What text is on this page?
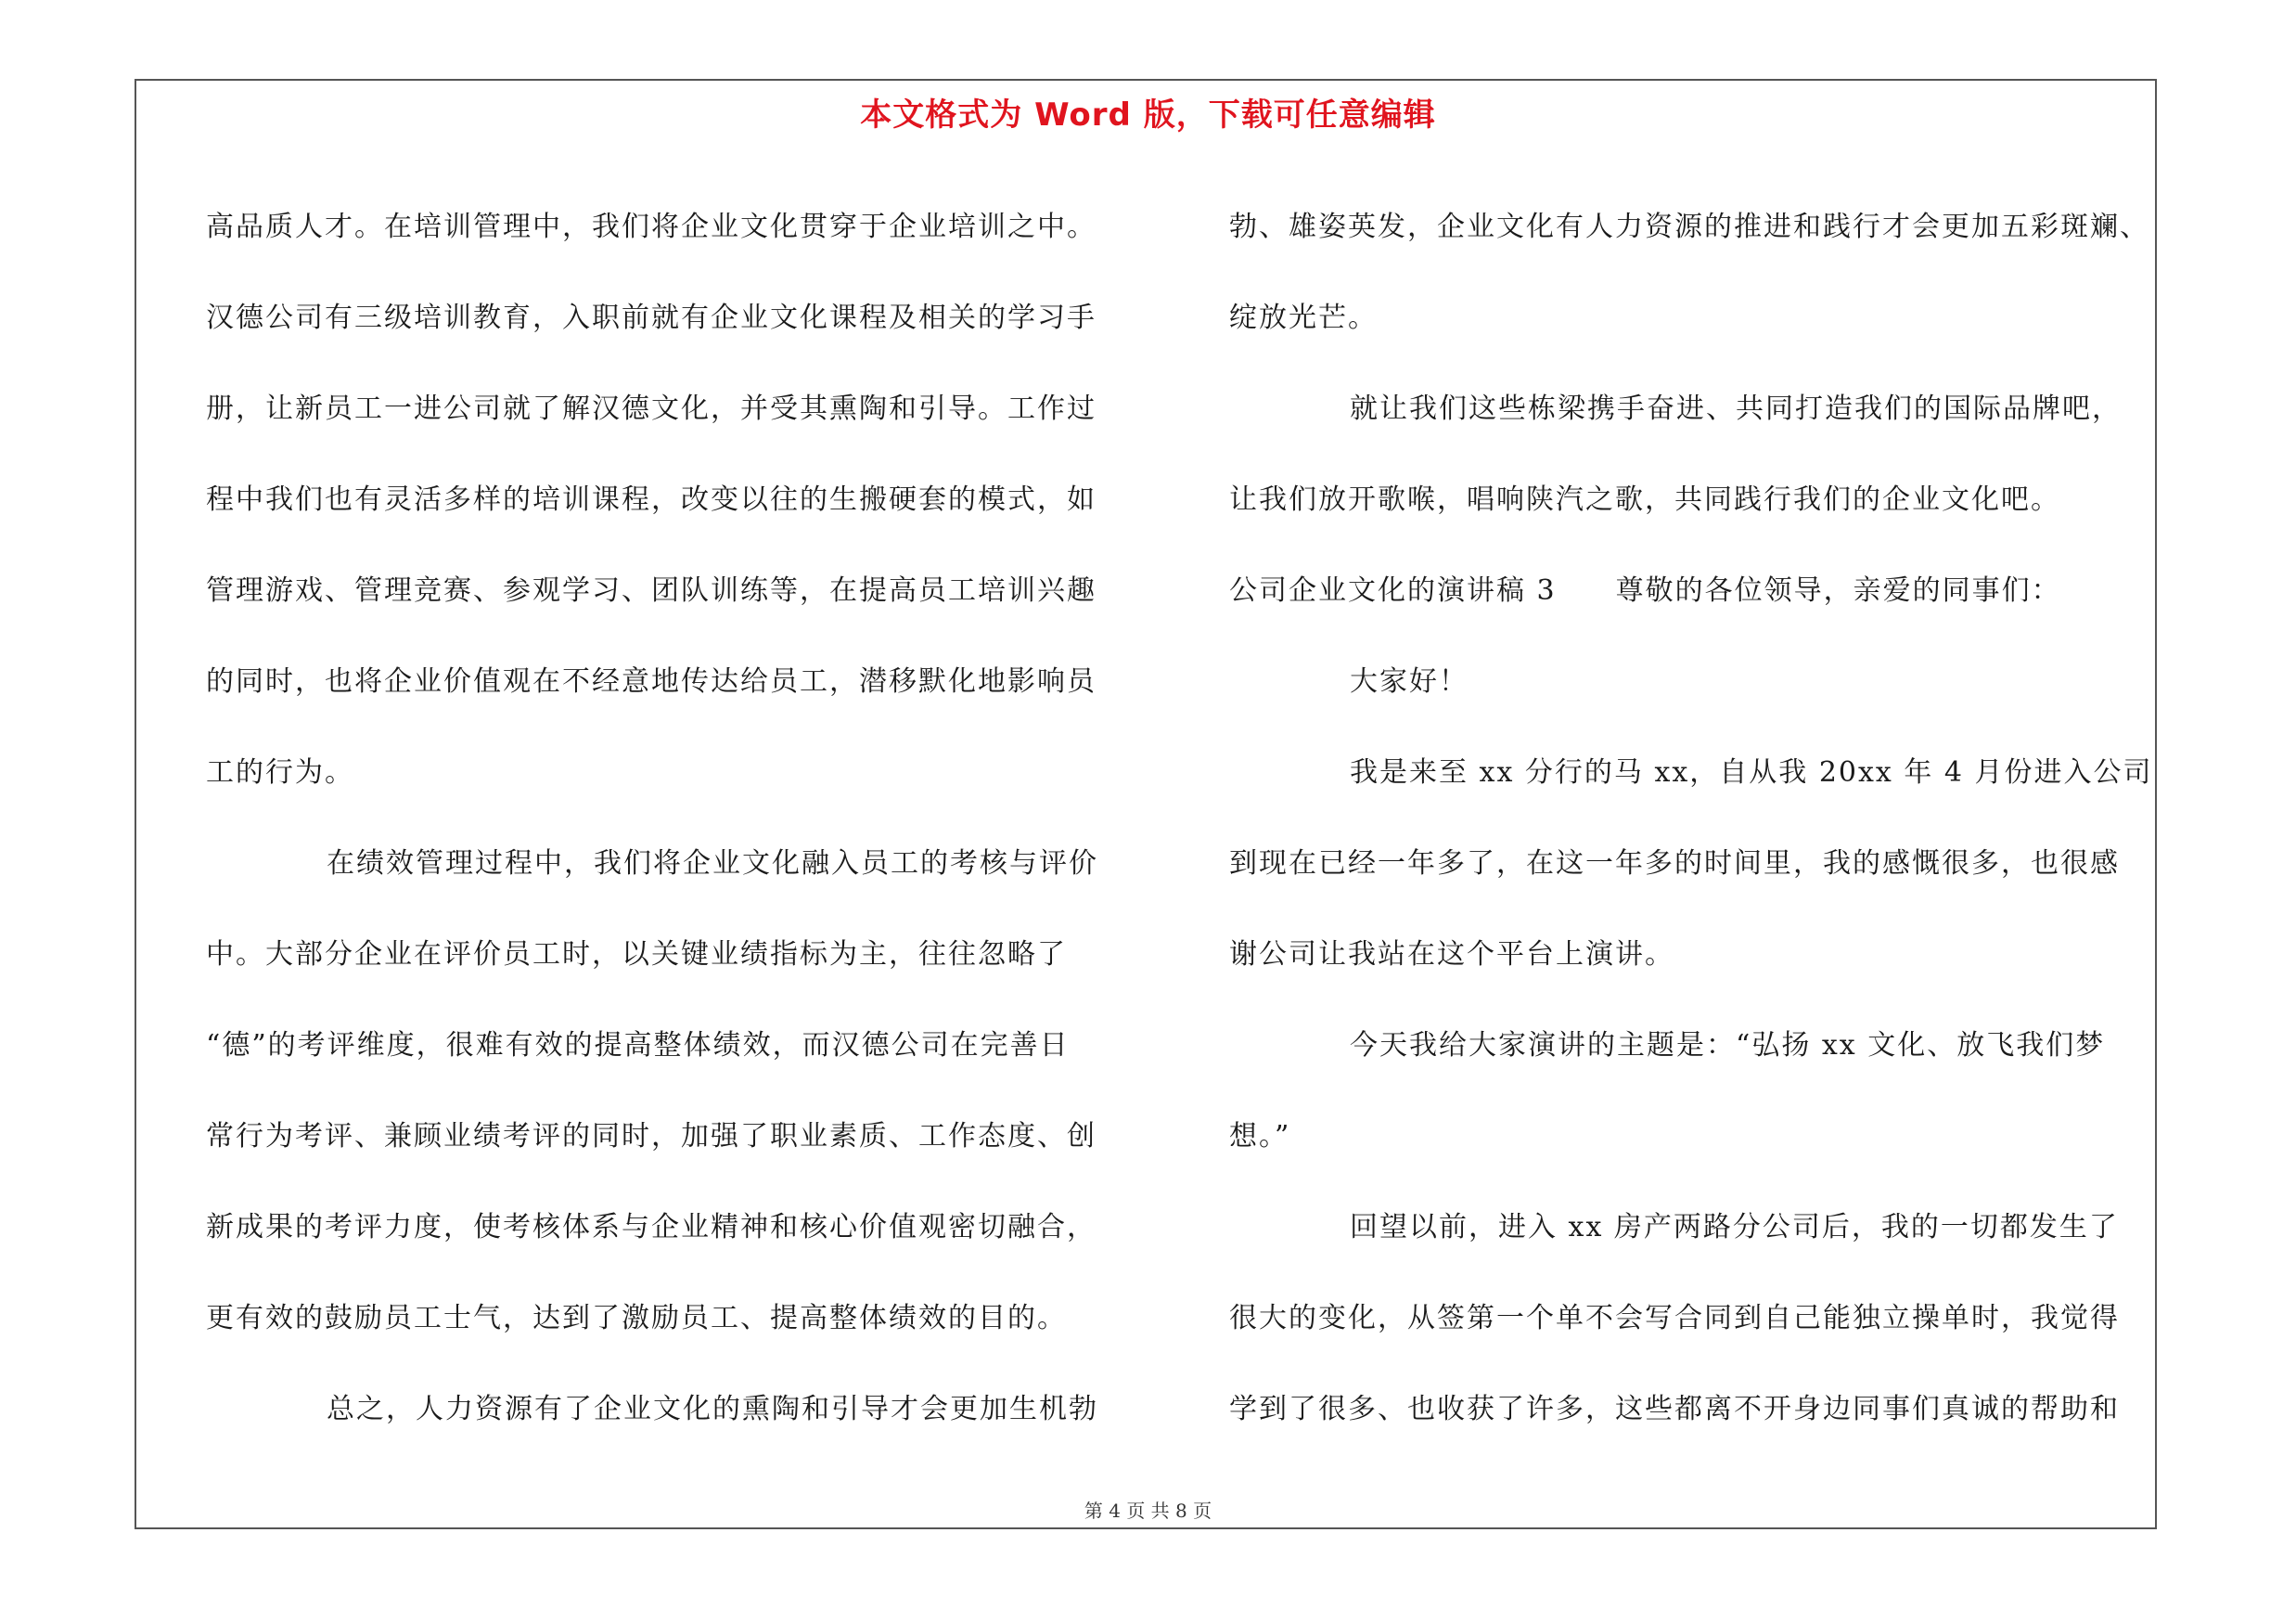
本文格式为 Word 版，下载可任意编辑
高品质人才。在培训管理中，我们将企业文化贯穿于企业培训之中。
汉德公司有三级培训教育，入职前就有企业文化课程及相关的学习手
册，让新员工一进公司就了解汉德文化，并受其熏陶和引导。工作过
程中我们也有灵活多样的培训课程，改变以往的生搬硬套的模式，如
管理游戏、管理竞赛、参观学习、团队训练等，在提高员工培训兴趣
的同时，也将企业价值观在不经意地传达给员工，潜移默化地影响员
工的行为。
在绩效管理过程中，我们将企业文化融入员工的考核与评价
中。大部分企业在评价员工时，以关键业绩指标为主，往往忽略了
“德”的考评维度，很难有效的提高整体绩效，而汉德公司在完善日
常行为考评、兼顾业绩考评的同时，加强了职业素质、工作态度、创
新成果的考评力度，使考核体系与企业精神和核心价值观密切融合，
更有效的鼓励员工士气，达到了激励员工、提高整体绩效的目的。
总之，人力资源有了企业文化的熏陶和引导才会更加生机勃
勃、雄姿英发，企业文化有人力资源的推进和践行才会更加五彩斑斓、
绽放光芒。
就让我们这些栋梁携手奋进、共同打造我们的国际品牌吧，
让我们放开歌喉，唱响陕汽之歌，共同践行我们的企业文化吧。
公司企业文化的演讲稿 3 尊敬的各位领导，亲爱的同事们：
大家好！
我是来至 xx 分行的马 xx，自从我 20xx 年 4 月份进入公司
到现在已经一年多了，在这一年多的时间里，我的感慨很多，也很感
谢公司让我站在这个平台上演讲。
今天我给大家演讲的主题是：“弘扬 xx 文化、放飞我们梦
想。”
回望以前，进入 xx 房产两路分公司后，我的一切都发生了
很大的变化，从签第一个单不会写合同到自己能独立操单时，我觉得
学到了很多、也收获了许多，这些都离不开身边同事们真诚的帮助和
第 4 页 共 8 页
